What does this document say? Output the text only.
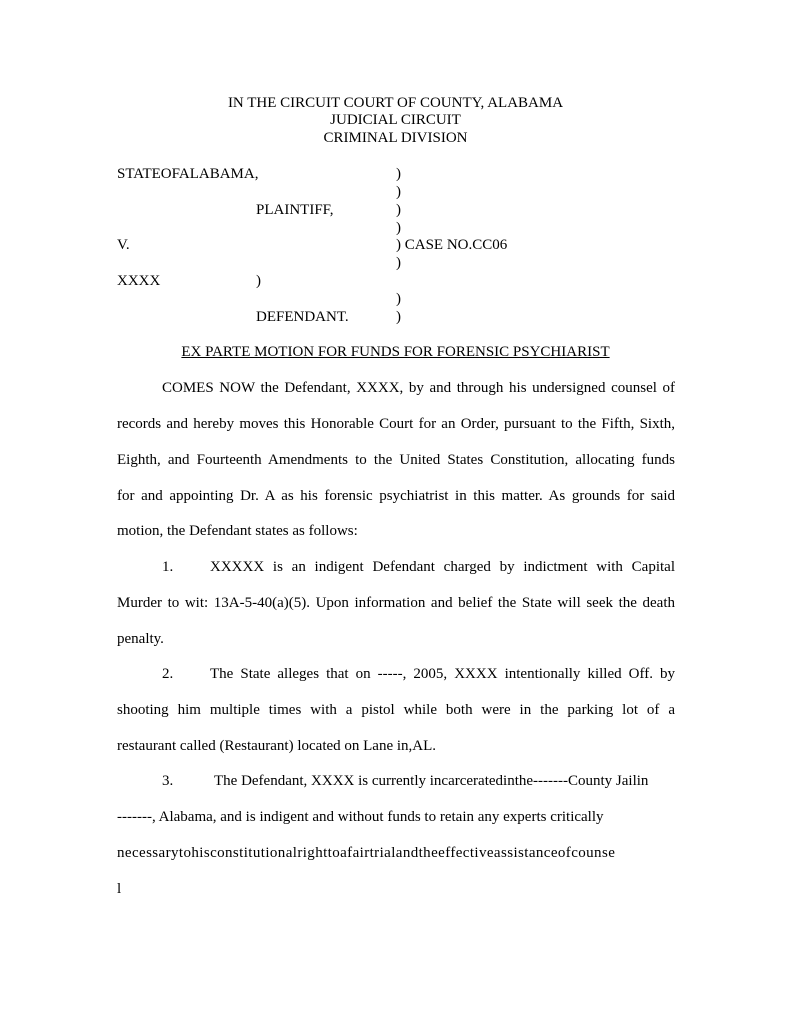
IN THE CIRCUIT COURT OF COUNTY, ALABAMA
JUDICIAL CIRCUIT
CRIMINAL DIVISION
STATEOFALABAMA,	)
)
PLAINTIFF,	)
)
V.	) CASE NO.CC06
)
XXXX	)
)
DEFENDANT.	)
EX PARTE MOTION FOR FUNDS FOR FORENSIC PSYCHIARIST
COMES NOW the Defendant, XXXX, by and through his undersigned counsel of
records and hereby moves this Honorable Court for an Order, pursuant to the Fifth, Sixth,
Eighth, and Fourteenth Amendments to the United States Constitution, allocating funds
for and appointing Dr. A as his forensic psychiatrist in this matter. As grounds for said
motion, the Defendant states as follows:
1. XXXXX is an indigent Defendant charged by indictment with Capital
Murder to wit: 13A-5-40(a)(5). Upon information and belief the State will seek the death
penalty.
2. The State alleges that on -----, 2005, XXXX intentionally killed Off. by
shooting him multiple times with a pistol while both were in the parking lot of a
restaurant called (Restaurant) located on Lane in,AL.
3.	The Defendant, XXXX is currently incarceratedinthe-------County Jailin
-------, Alabama, and is indigent and without funds to retain any experts critically
necessarytohisconstitutionalrighttoafairtrialandtheeffectiveassistanceofcounse
l
